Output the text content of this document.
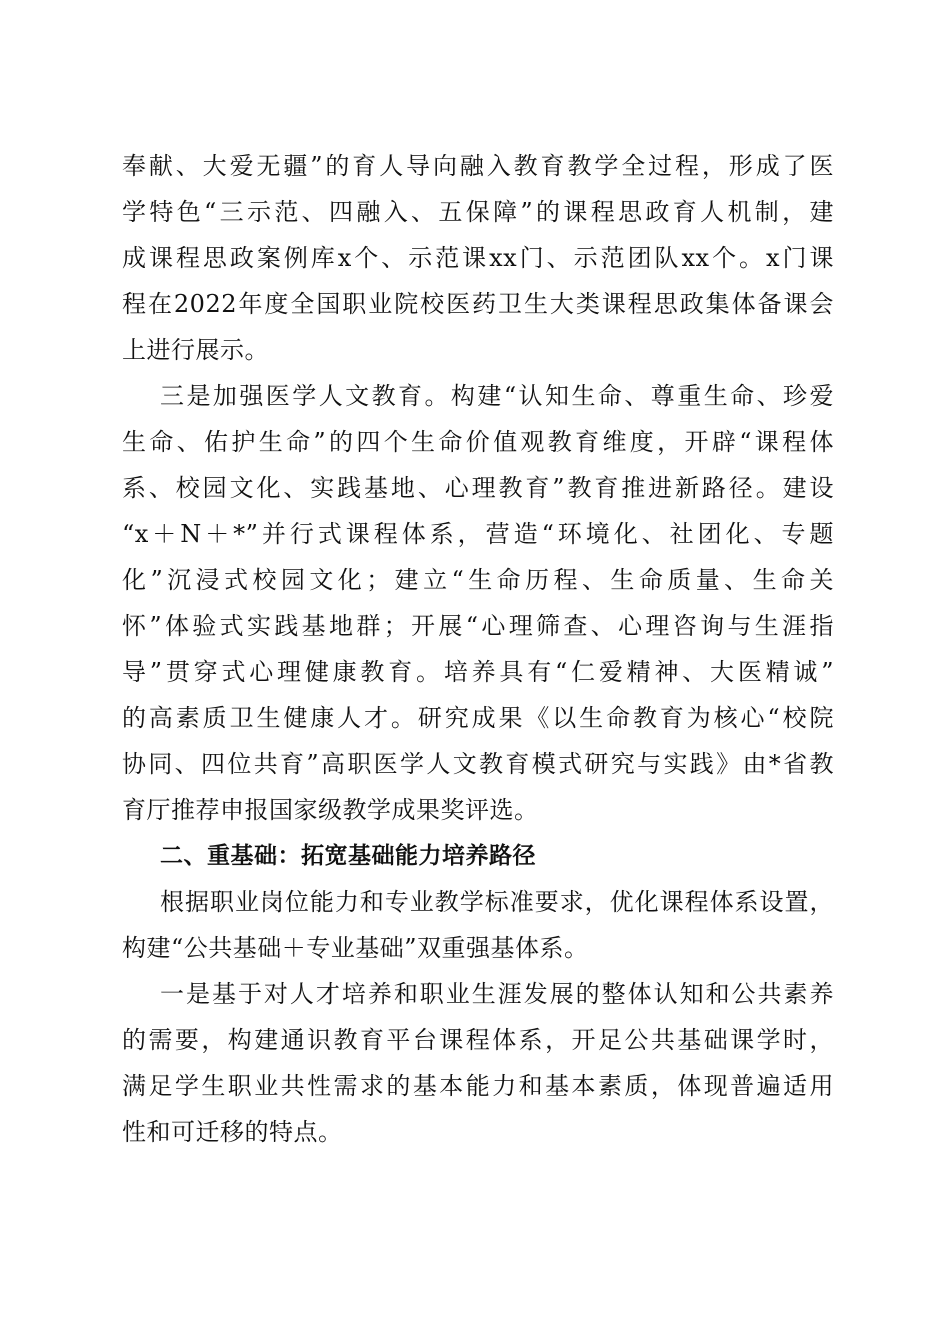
奉献、大爱无疆”的育人导向融入教育教学全过程，形成了医
学特色“三示范、四融入、五保障”的课程思政育人机制，建
成课程思政案例库x个、示范课xx门、示范团队xx个。x门课
程在2022年度全国职业院校医药卫生大类课程思政集体备课会
上进行展示。
三是加强医学人文教育。构建“认知生命、尊重生命、珍爱
生命、佑护生命”的四个生命价值观教育维度，开辟“课程体
系、校园文化、实践基地、心理教育”教育推进新路径。建设
“x＋N＋*”并行式课程体系，营造“环境化、社团化、专题
化”沉浸式校园文化；建立“生命历程、生命质量、生命关
怀”体验式实践基地群；开展“心理筛查、心理咨询与生涯指
导”贯穿式心理健康教育。培养具有“仁爱精神、大医精诚”
的高素质卫生健康人才。研究成果《以生命教育为核心“校院
协同、四位共育”高职医学人文教育模式研究与实践》由*省教
育厅推荐申报国家级教学成果奖评选。
二、重基础：拓宽基础能力培养路径
根据职业岗位能力和专业教学标准要求，优化课程体系设置，
构建“公共基础＋专业基础”双重强基体系。
一是基于对人才培养和职业生涯发展的整体认知和公共素养
的需要，构建通识教育平台课程体系，开足公共基础课学时，
满足学生职业共性需求的基本能力和基本素质，体现普遍适用
性和可迁移的特点。
